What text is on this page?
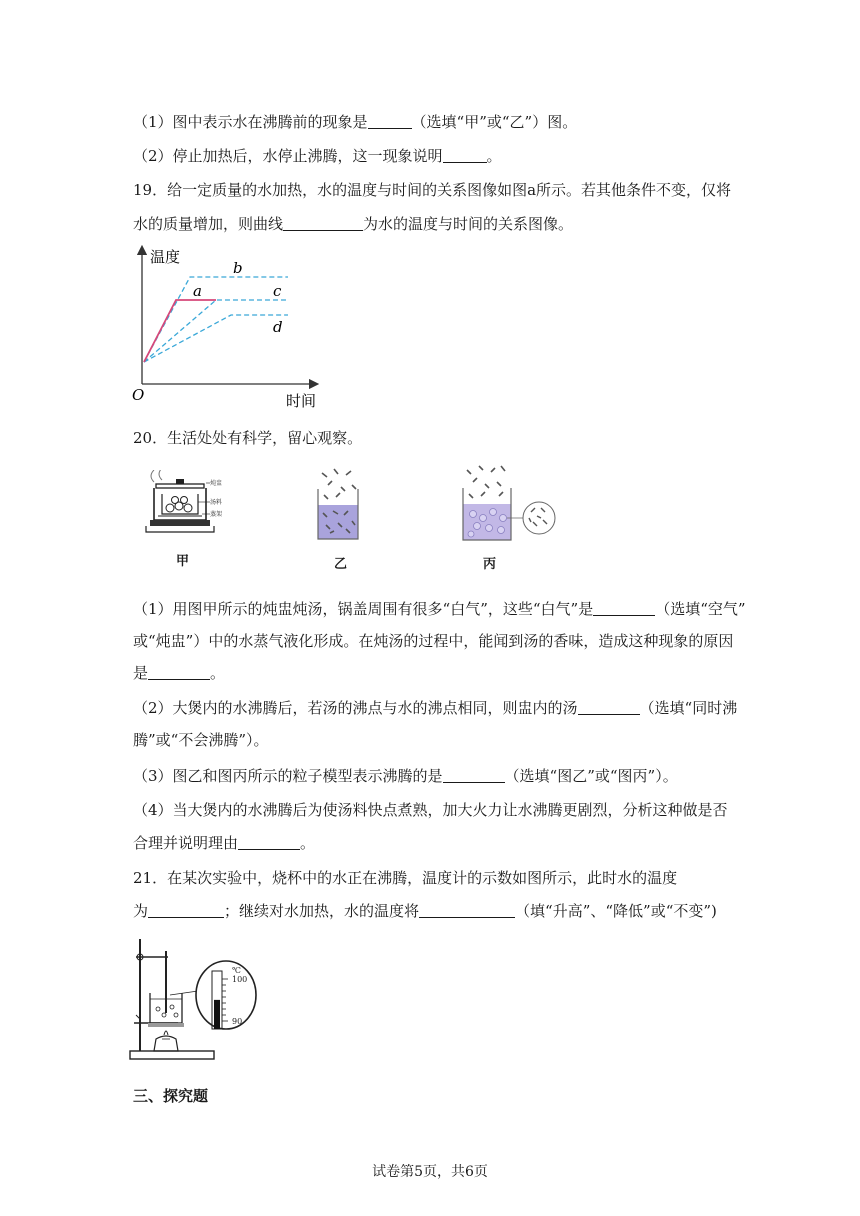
（1）图中表示水在沸腾前的现象是	（选填“甲”或“乙”）图。
（2）停止加热后，水停止沸腾，这一现象说明	。
19．给一定质量的水加热，水的温度与时间的关系图像如图a所示。若其他条件不变，仅将
水的质量增加，则曲线	为水的温度与时间的关系图像。
温度
时间
O
b
a	c
d
20．生活处处有科学，留心观察。
炖盅
汤料
蒸架
甲	乙	丙
（1）用图甲所示的炖盅炖汤，锅盖周围有很多“白气”，这些“白气”是	（选填“空气”
或“炖盅”）中的水蒸气液化形成。在炖汤的过程中，能闻到汤的香味，造成这种现象的原因
是	。
（2）大煲内的水沸腾后，若汤的沸点与水的沸点相同，则盅内的汤	（选填“同时沸
腾”或“不会沸腾”）。
（3）图乙和图丙所示的粒子模型表示沸腾的是	（选填“图乙”或“图丙”）。
（4）当大煲内的水沸腾后为使汤料快点煮熟，加大火力让水沸腾更剧烈，分析这种做是否
合理并说明理由	。
21．在某次实验中，烧杯中的水正在沸腾，温度计的示数如图所示，此时水的温度
为	；继续对水加热，水的温度将	（填“升高”、“降低”或“不变”)
℃
100
90
三、探究题
试卷第5页，共6页
